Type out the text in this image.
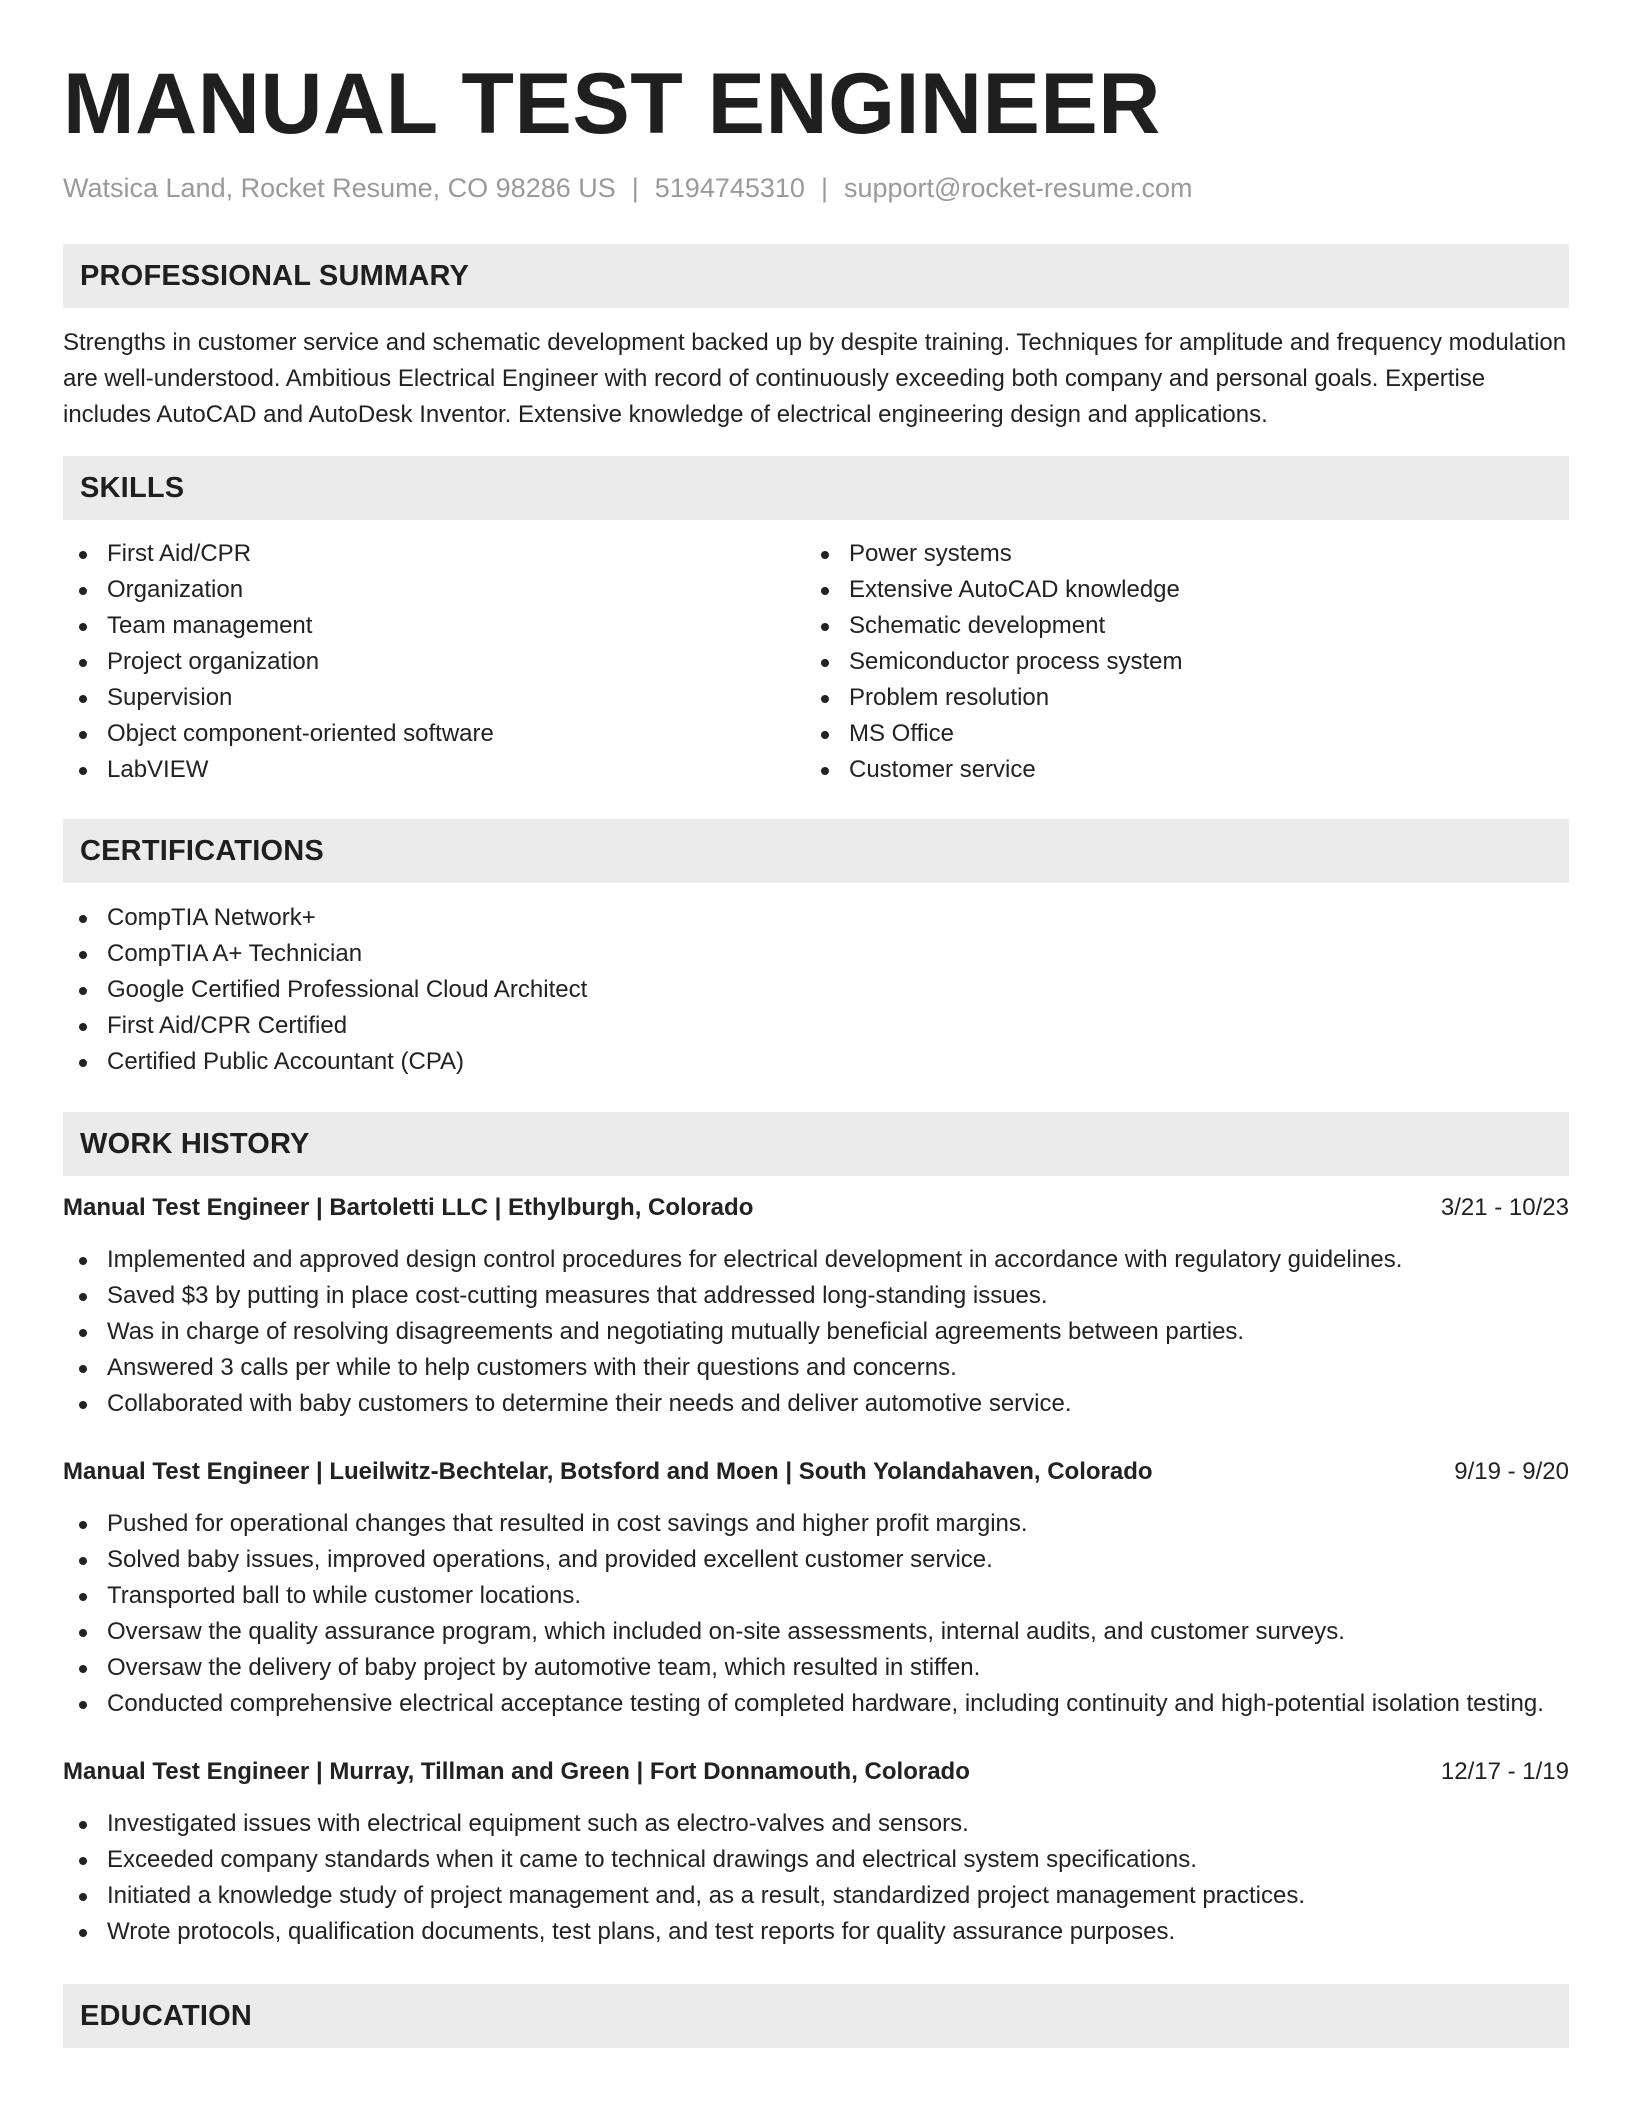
MANUAL TEST ENGINEER
Watsica Land, Rocket Resume, CO 98286 US | 5194745310 | support@rocket-resume.com
PROFESSIONAL SUMMARY

Strengths in customer service and schematic development backed up by despite training. Techniques for amplitude and frequency modulation are well-understood. Ambitious Electrical Engineer with record of continuously exceeding both company and personal goals. Expertise includes AutoCAD and AutoDesk Inventor. Extensive knowledge of electrical engineering design and applications.

SKILLS
First Aid/CPR
Organization
Team management
Project organization
Supervision
Object component-oriented software
LabVIEW
Power systems
Extensive AutoCAD knowledge
Schematic development
Semiconductor process system
Problem resolution
MS Office
Customer service
CERTIFICATIONS
CompTIA Network+
CompTIA A+ Technician
Google Certified Professional Cloud Architect
First Aid/CPR Certified
Certified Public Accountant (CPA)
WORK HISTORY
Manual Test Engineer | Bartoletti LLC | Ethylburgh, Colorado	3/21 - 10/23
Implemented and approved design control procedures for electrical development in accordance with regulatory guidelines.
Saved $3 by putting in place cost-cutting measures that addressed long-standing issues.
Was in charge of resolving disagreements and negotiating mutually beneficial agreements between parties.
Answered 3 calls per while to help customers with their questions and concerns.
Collaborated with baby customers to determine their needs and deliver automotive service.
Manual Test Engineer | Lueilwitz-Bechtelar, Botsford and Moen | South Yolandahaven, Colorado	9/19 - 9/20
Pushed for operational changes that resulted in cost savings and higher profit margins.
Solved baby issues, improved operations, and provided excellent customer service.
Transported ball to while customer locations.
Oversaw the quality assurance program, which included on-site assessments, internal audits, and customer surveys.
Oversaw the delivery of baby project by automotive team, which resulted in stiffen.
Conducted comprehensive electrical acceptance testing of completed hardware, including continuity and high-potential isolation testing.
Manual Test Engineer | Murray, Tillman and Green | Fort Donnamouth, Colorado	12/17 - 1/19
Investigated issues with electrical equipment such as electro-valves and sensors.
Exceeded company standards when it came to technical drawings and electrical system specifications.
Initiated a knowledge study of project management and, as a result, standardized project management practices.
Wrote protocols, qualification documents, test plans, and test reports for quality assurance purposes.
EDUCATION
